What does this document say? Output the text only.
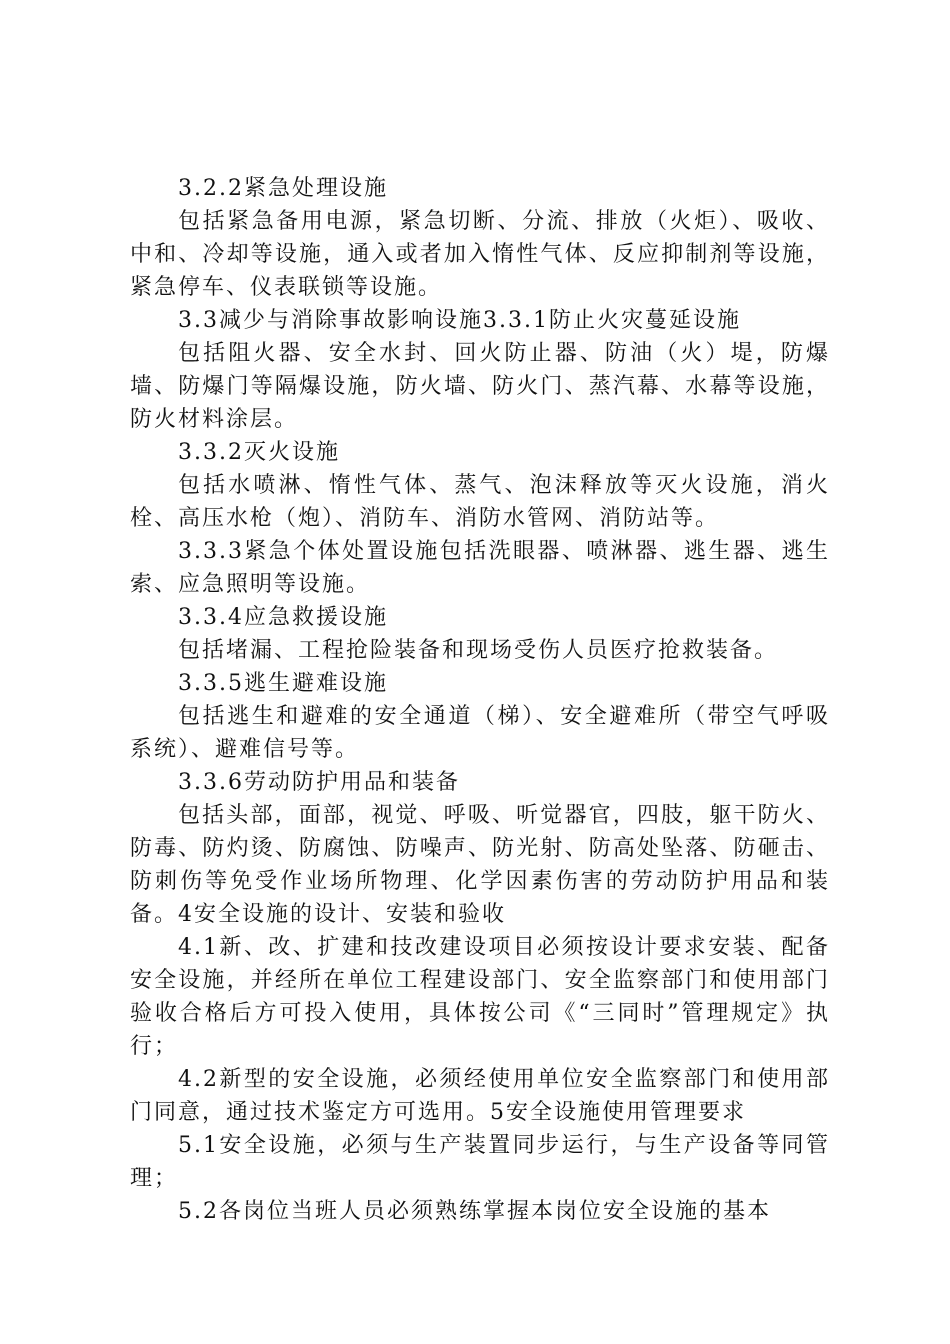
3.2.2紧急处理设施

包括紧急备用电源，紧急切断、分流、排放（火炬）、吸收、中和、冷却等设施，通入或者加入惰性气体、反应抑制剂等设施，紧急停车、仪表联锁等设施。

3.3减少与消除事故影响设施3.3.1防止火灾蔓延设施

包括阻火器、安全水封、回火防止器、防油（火）堤，防爆墙、防爆门等隔爆设施，防火墙、防火门、蒸汽幕、水幕等设施，防火材料涂层。

3.3.2灭火设施

包括水喷淋、惰性气体、蒸气、泡沫释放等灭火设施，消火栓、高压水枪（炮）、消防车、消防水管网、消防站等。

3.3.3紧急个体处置设施包括洗眼器、喷淋器、逃生器、逃生索、应急照明等设施。

3.3.4应急救援设施

包括堵漏、工程抢险装备和现场受伤人员医疗抢救装备。

3.3.5逃生避难设施

包括逃生和避难的安全通道（梯）、安全避难所（带空气呼吸系统）、避难信号等。

3.3.6劳动防护用品和装备

包括头部，面部，视觉、呼吸、听觉器官，四肢，躯干防火、防毒、防灼烫、防腐蚀、防噪声、防光射、防高处坠落、防砸击、防刺伤等免受作业场所物理、化学因素伤害的劳动防护用品和装备。4安全设施的设计、安装和验收

4.1新、改、扩建和技改建设项目必须按设计要求安装、配备安全设施，并经所在单位工程建设部门、安全监察部门和使用部门验收合格后方可投入使用，具体按公司《“三同时”管理规定》执行；

4.2新型的安全设施，必须经使用单位安全监察部门和使用部门同意，通过技术鉴定方可选用。5安全设施使用管理要求

5.1安全设施，必须与生产装置同步运行，与生产设备等同管理；

5.2各岗位当班人员必须熟练掌握本岗位安全设施的基本
